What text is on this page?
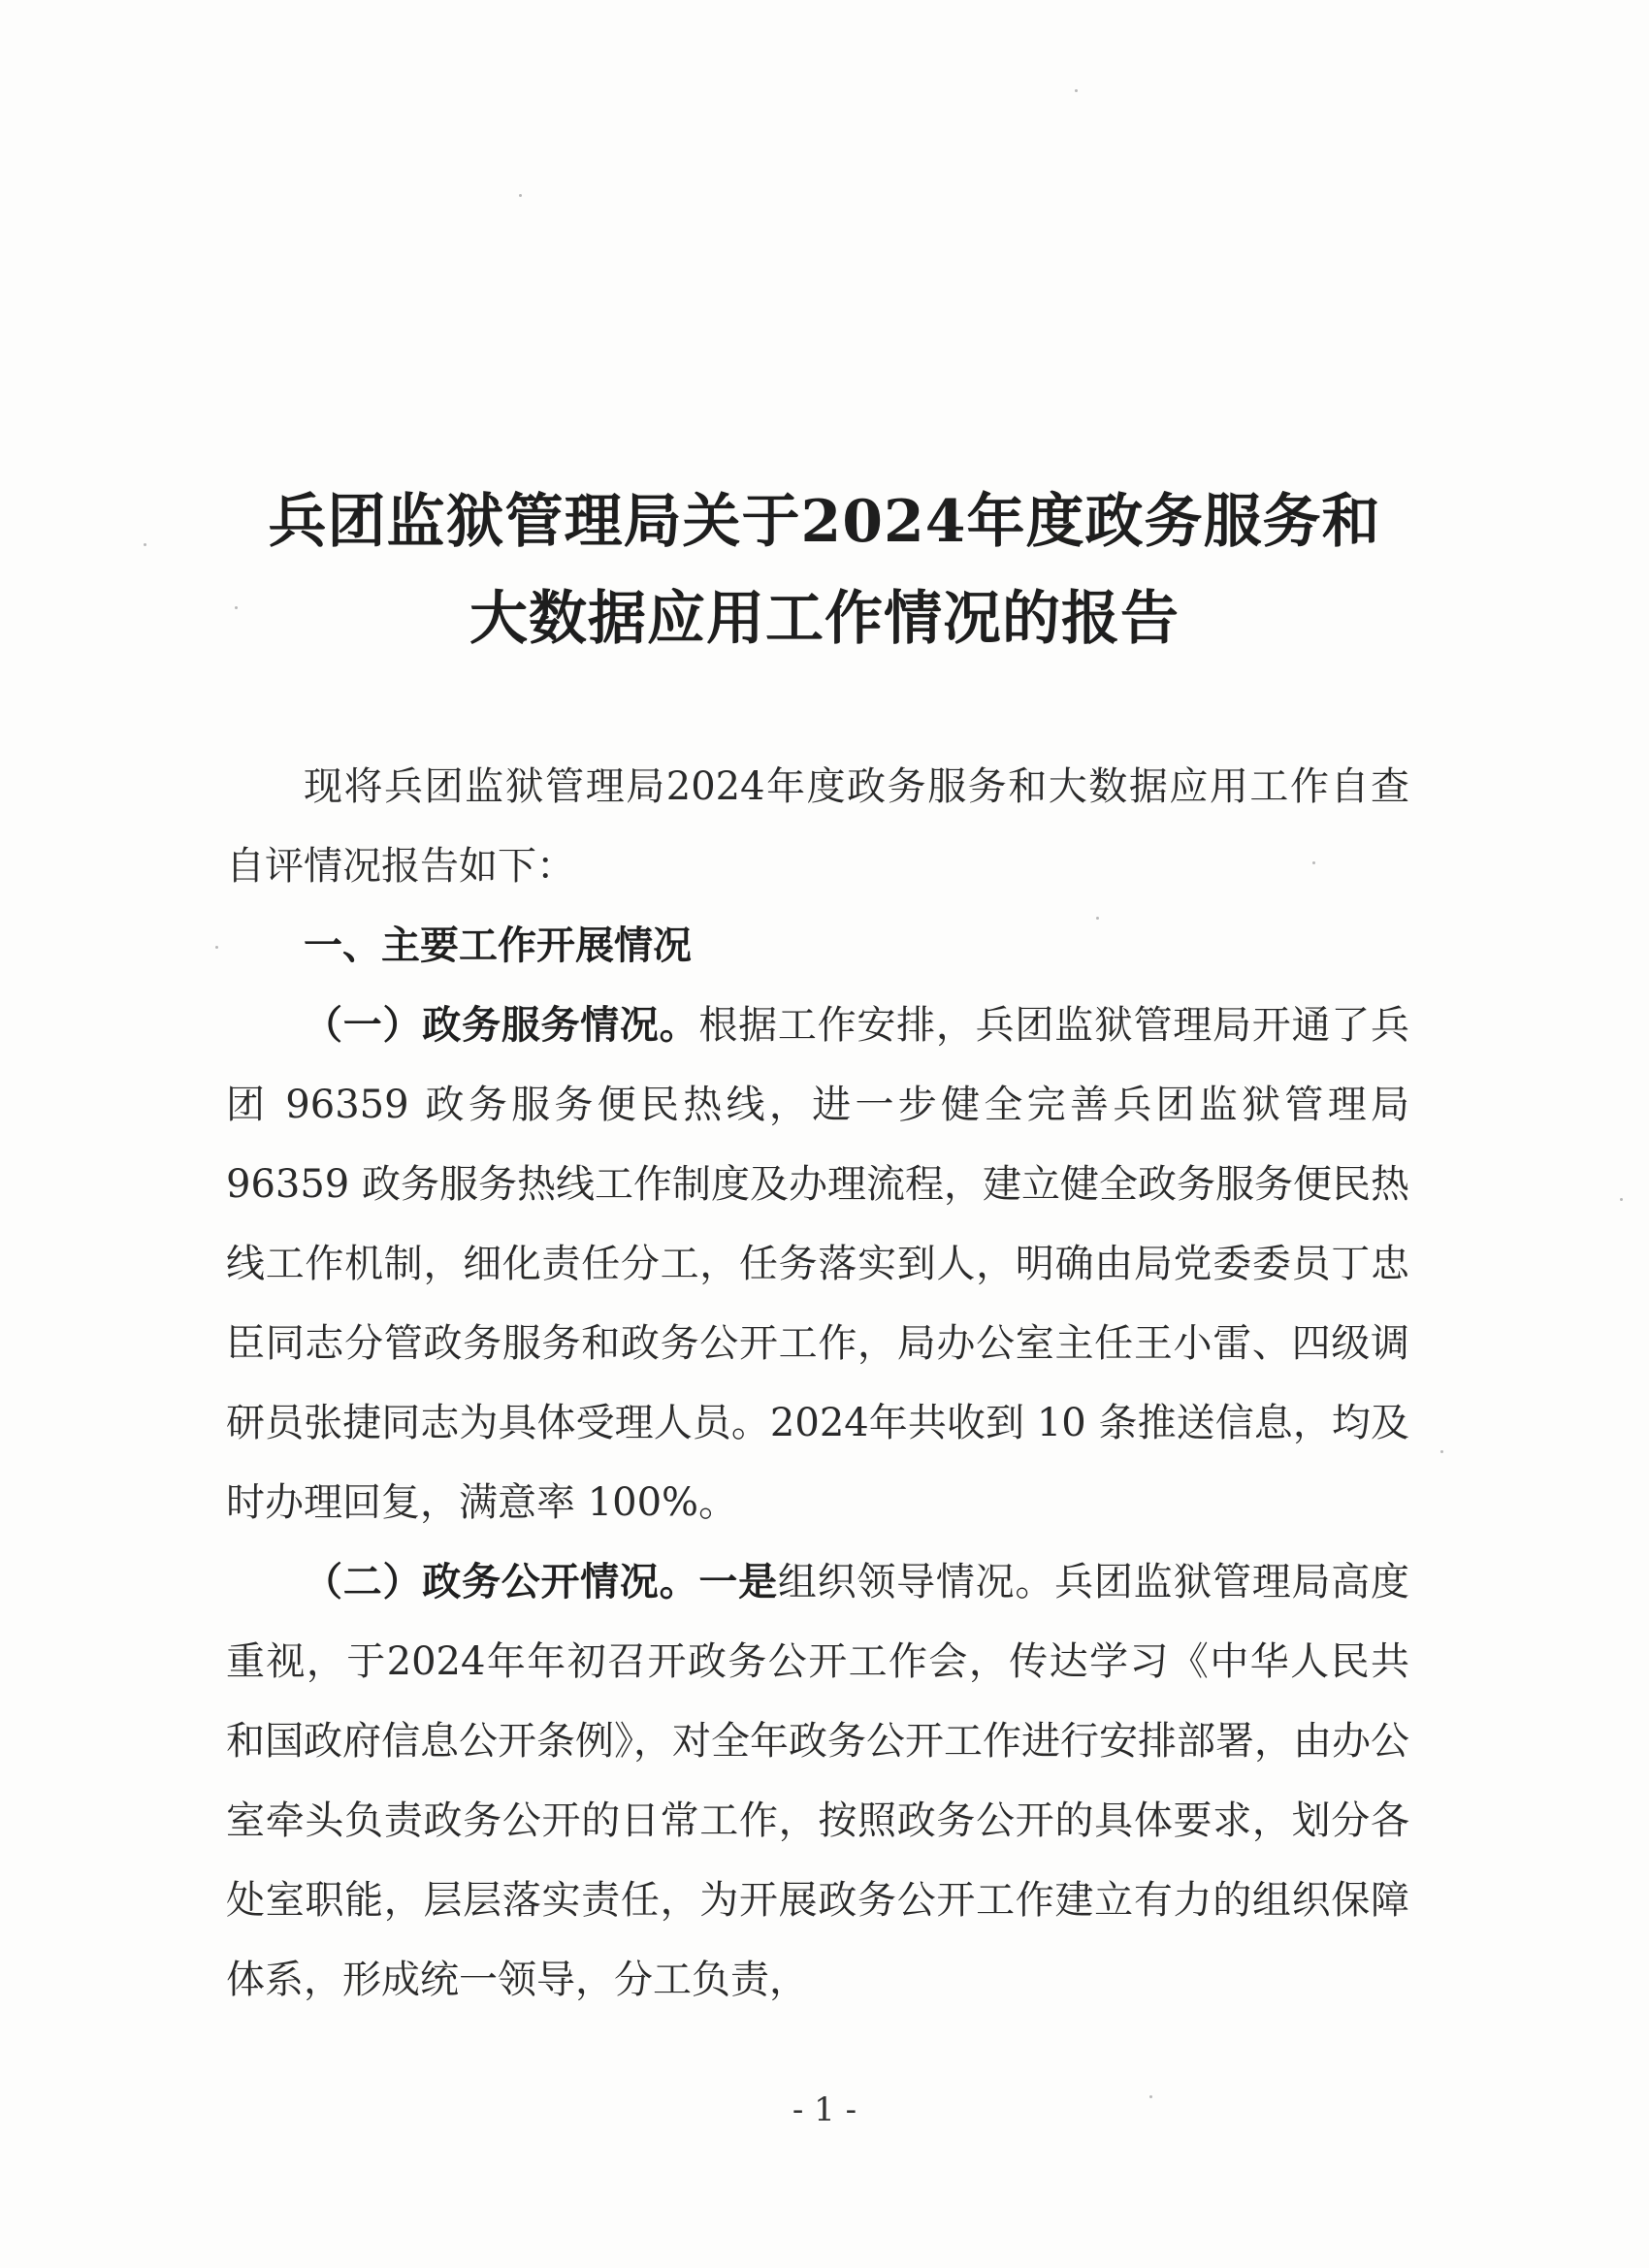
兵团监狱管理局关于2024年度政务服务和
大数据应用工作情况的报告

现将兵团监狱管理局2024年度政务服务和大数据应用工作自查自评情况报告如下：

一、主要工作开展情况

（一）政务服务情况。根据工作安排，兵团监狱管理局开通了兵团 96359 政务服务便民热线，进一步健全完善兵团监狱管理局 96359 政务服务热线工作制度及办理流程，建立健全政务服务便民热线工作机制，细化责任分工，任务落实到人，明确由局党委委员丁忠臣同志分管政务服务和政务公开工作，局办公室主任王小雷、四级调研员张捷同志为具体受理人员。2024年共收到 10 条推送信息，均及时办理回复，满意率 100%。

（二）政务公开情况。一是组织领导情况。兵团监狱管理局高度重视，于2024年年初召开政务公开工作会，传达学习《中华人民共和国政府信息公开条例》，对全年政务公开工作进行安排部署，由办公室牵头负责政务公开的日常工作，按照政务公开的具体要求，划分各处室职能，层层落实责任，为开展政务公开工作建立有力的组织保障体系，形成统一领导，分工负责，

- 1 -
